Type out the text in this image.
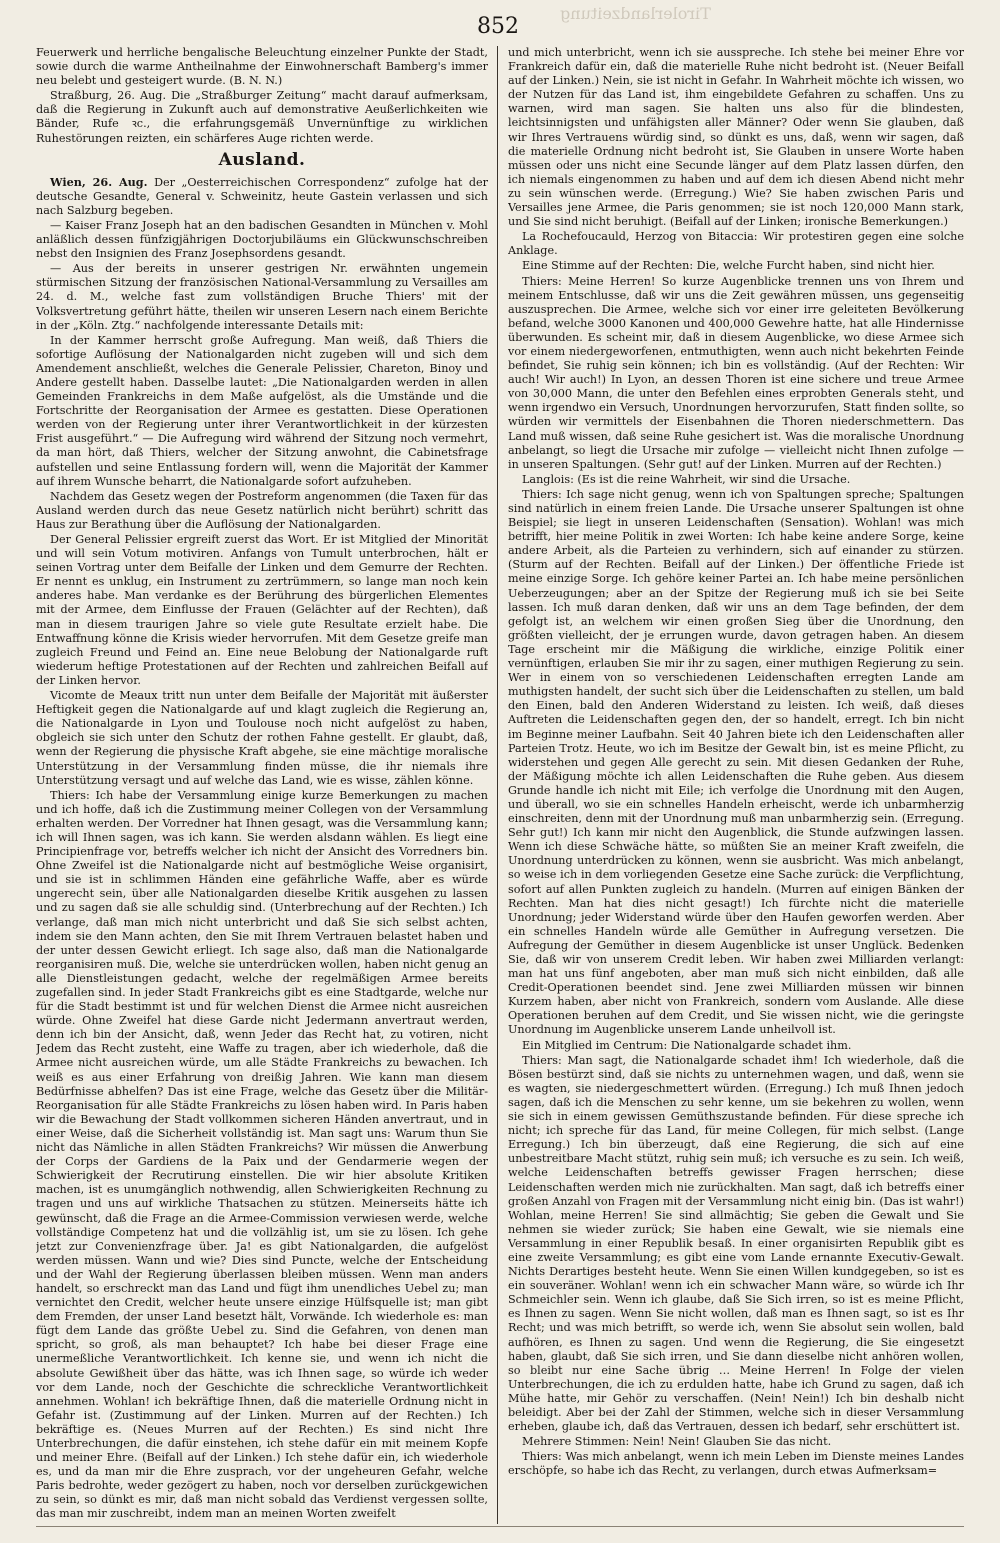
Tirolerlandzeitung
852

Feuerwerk und herrliche bengalische Beleuchtung einzelner Punkte der Stadt, sowie durch die warme Antheilnahme der Einwohnerschaft Bamberg's immer neu belebt und gesteigert wurde. (B. N. N.)

Straßburg, 26. Aug. Die „Straßburger Zeitung“ macht darauf aufmerksam, daß die Regierung in Zukunft auch auf demonstrative Aeußerlichkeiten wie Bänder, Rufe ꝛc., die erfahrungsgemäß Unvernünftige zu wirklichen Ruhestörungen reizten, ein schärferes Auge richten werde.

Ausland.

Wien, 26. Aug. Der „Oesterreichischen Correspondenz“ zufolge hat der deutsche Gesandte, General v. Schweinitz, heute Gastein verlassen und sich nach Salzburg begeben.

— Kaiser Franz Joseph hat an den badischen Gesandten in München v. Mohl anläßlich dessen fünfzigjährigen Doctorjubiläums ein Glückwunschschreiben nebst den Insignien des Franz Josephsordens gesandt.

— Aus der bereits in unserer gestrigen Nr. erwähnten ungemein stürmischen Sitzung der französischen National-Versammlung zu Versailles am 24. d. M., welche fast zum vollständigen Bruche Thiers' mit der Volksvertretung geführt hätte, theilen wir unseren Lesern nach einem Berichte in der „Köln. Ztg.“ nachfolgende interessante Details mit:

In der Kammer herrscht große Aufregung. Man weiß, daß Thiers die sofortige Auflösung der Nationalgarden nicht zugeben will und sich dem Amendement anschließt, welches die Generale Pelissier, Chareton, Binoy und Andere gestellt haben. Dasselbe lautet: „Die Nationalgarden werden in allen Gemeinden Frankreichs in dem Maße aufgelöst, als die Umstände und die Fortschritte der Reorganisation der Armee es gestatten. Diese Operationen werden von der Regierung unter ihrer Verantwortlichkeit in der kürzesten Frist ausgeführt.“ — Die Aufregung wird während der Sitzung noch vermehrt, da man hört, daß Thiers, welcher der Sitzung anwohnt, die Cabinetsfrage aufstellen und seine Entlassung fordern will, wenn die Majorität der Kammer auf ihrem Wunsche beharrt, die Nationalgarde sofort aufzuheben.

Nachdem das Gesetz wegen der Postreform angenommen (die Taxen für das Ausland werden durch das neue Gesetz natürlich nicht berührt) schritt das Haus zur Berathung über die Auflösung der Nationalgarden.

Der General Pelissier ergreift zuerst das Wort. Er ist Mitglied der Minorität und will sein Votum motiviren. Anfangs von Tumult unterbrochen, hält er seinen Vortrag unter dem Beifalle der Linken und dem Gemurre der Rechten. Er nennt es unklug, ein Instrument zu zertrümmern, so lange man noch kein anderes habe. Man verdanke es der Berührung des bürgerlichen Elementes mit der Armee, dem Einflusse der Frauen (Gelächter auf der Rechten), daß man in diesem traurigen Jahre so viele gute Resultate erzielt habe. Die Entwaffnung könne die Krisis wieder hervorrufen. Mit dem Gesetze greife man zugleich Freund und Feind an. Eine neue Belobung der Nationalgarde ruft wiederum heftige Protestationen auf der Rechten und zahlreichen Beifall auf der Linken hervor.

Vicomte de Meaux tritt nun unter dem Beifalle der Majorität mit äußerster Heftigkeit gegen die Nationalgarde auf und klagt zugleich die Regierung an, die Nationalgarde in Lyon und Toulouse noch nicht aufgelöst zu haben, obgleich sie sich unter den Schutz der rothen Fahne gestellt. Er glaubt, daß, wenn der Regierung die physische Kraft abgehe, sie eine mächtige moralische Unterstützung in der Versammlung finden müsse, die ihr niemals ihre Unterstützung versagt und auf welche das Land, wie es wisse, zählen könne.

Thiers: Ich habe der Versammlung einige kurze Bemerkungen zu machen und ich hoffe, daß ich die Zustimmung meiner Collegen von der Versammlung erhalten werden. Der Vorredner hat Ihnen gesagt, was die Versammlung kann; ich will Ihnen sagen, was ich kann. Sie werden alsdann wählen. Es liegt eine Principienfrage vor, betreffs welcher ich nicht der Ansicht des Vorredners bin. Ohne Zweifel ist die Nationalgarde nicht auf bestmögliche Weise organisirt, und sie ist in schlimmen Händen eine gefährliche Waffe, aber es würde ungerecht sein, über alle Nationalgarden dieselbe Kritik ausgehen zu lassen und zu sagen daß sie alle schuldig sind. (Unterbrechung auf der Rechten.) Ich verlange, daß man mich nicht unterbricht und daß Sie sich selbst achten, indem sie den Mann achten, den Sie mit Ihrem Vertrauen belastet haben und der unter dessen Gewicht erliegt. Ich sage also, daß man die Nationalgarde reorganisiren muß. Die, welche sie unterdrücken wollen, haben nicht genug an alle Dienstleistungen gedacht, welche der regelmäßigen Armee bereits zugefallen sind. In jeder Stadt Frankreichs gibt es eine Stadtgarde, welche nur für die Stadt bestimmt ist und für welchen Dienst die Armee nicht ausreichen würde. Ohne Zweifel hat diese Garde nicht Jedermann anvertraut werden, denn ich bin der Ansicht, daß, wenn Jeder das Recht hat, zu votiren, nicht Jedem das Recht zusteht, eine Waffe zu tragen, aber ich wiederhole, daß die Armee nicht ausreichen würde, um alle Städte Frankreichs zu bewachen. Ich weiß es aus einer Erfahrung von dreißig Jahren. Wie kann man diesem Bedürfnisse abhelfen? Das ist eine Frage, welche das Gesetz über die Militär-Reorganisation für alle Städte Frankreichs zu lösen haben wird. In Paris haben wir die Bewachung der Stadt vollkommen sicheren Händen anvertraut, und in einer Weise, daß die Sicherheit vollständig ist. Man sagt uns: Warum thun Sie nicht das Nämliche in allen Städten Frankreichs? Wir müssen die Anwerbung der Corps der Gardiens de la Paix und der Gendarmerie wegen der Schwierigkeit der Recrutirung einstellen. Die wir hier absolute Kritiken machen, ist es unumgänglich nothwendig, allen Schwierigkeiten Rechnung zu tragen und uns auf wirkliche Thatsachen zu stützen. Meinerseits hätte ich gewünscht, daß die Frage an die Armee-Commission verwiesen werde, welche vollständige Competenz hat und die vollzählig ist, um sie zu lösen. Ich gehe jetzt zur Convenienzfrage über. Ja! es gibt Nationalgarden, die aufgelöst werden müssen. Wann und wie? Dies sind Puncte, welche der Entscheidung und der Wahl der Regierung überlassen bleiben müssen. Wenn man anders handelt, so erschreckt man das Land und fügt ihm unendliches Uebel zu; man vernichtet den Credit, welcher heute unsere einzige Hülfsquelle ist; man gibt dem Fremden, der unser Land besetzt hält, Vorwände. Ich wiederhole es: man fügt dem Lande das größte Uebel zu. Sind die Gefahren, von denen man spricht, so groß, als man behauptet? Ich habe bei dieser Frage eine unermeßliche Verantwortlichkeit. Ich kenne sie, und wenn ich nicht die absolute Gewißheit über das hätte, was ich Ihnen sage, so würde ich weder vor dem Lande, noch der Geschichte die schreckliche Verantwortlichkeit annehmen. Wohlan! ich bekräftige Ihnen, daß die materielle Ordnung nicht in Gefahr ist. (Zustimmung auf der Linken. Murren auf der Rechten.) Ich bekräftige es. (Neues Murren auf der Rechten.) Es sind nicht Ihre Unterbrechungen, die dafür einstehen, ich stehe dafür ein mit meinem Kopfe und meiner Ehre. (Beifall auf der Linken.) Ich stehe dafür ein, ich wiederhole es, und da man mir die Ehre zusprach, vor der ungeheuren Gefahr, welche Paris bedrohte, weder gezögert zu haben, noch vor derselben zurückgewichen zu sein, so dünkt es mir, daß man nicht sobald das Verdienst vergessen sollte, das man mir zuschreibt, indem man an meinen Worten zweifelt

und mich unterbricht, wenn ich sie ausspreche. Ich stehe bei meiner Ehre vor Frankreich dafür ein, daß die materielle Ruhe nicht bedroht ist. (Neuer Beifall auf der Linken.) Nein, sie ist nicht in Gefahr. In Wahrheit möchte ich wissen, wo der Nutzen für das Land ist, ihm eingebildete Gefahren zu schaffen. Uns zu warnen, wird man sagen. Sie halten uns also für die blindesten, leichtsinnigsten und unfähigsten aller Männer? Oder wenn Sie glauben, daß wir Ihres Vertrauens würdig sind, so dünkt es uns, daß, wenn wir sagen, daß die materielle Ordnung nicht bedroht ist, Sie Glauben in unsere Worte haben müssen oder uns nicht eine Secunde länger auf dem Platz lassen dürfen, den ich niemals eingenommen zu haben und auf dem ich diesen Abend nicht mehr zu sein wünschen werde. (Erregung.) Wie? Sie haben zwischen Paris und Versailles jene Armee, die Paris genommen; sie ist noch 120,000 Mann stark, und Sie sind nicht beruhigt. (Beifall auf der Linken; ironische Bemerkungen.)

La Rochefoucauld, Herzog von Bitaccia: Wir protestiren gegen eine solche Anklage.

Eine Stimme auf der Rechten: Die, welche Furcht haben, sind nicht hier.

Thiers: Meine Herren! So kurze Augenblicke trennen uns von Ihrem und meinem Entschlusse, daß wir uns die Zeit gewähren müssen, uns gegenseitig auszusprechen. Die Armee, welche sich vor einer irre geleiteten Bevölkerung befand, welche 3000 Kanonen und 400,000 Gewehre hatte, hat alle Hindernisse überwunden. Es scheint mir, daß in diesem Augenblicke, wo diese Armee sich vor einem niedergeworfenen, entmuthigten, wenn auch nicht bekehrten Feinde befindet, Sie ruhig sein können; ich bin es vollständig. (Auf der Rechten: Wir auch! Wir auch!) In Lyon, an dessen Thoren ist eine sichere und treue Armee von 30,000 Mann, die unter den Befehlen eines erprobten Generals steht, und wenn irgendwo ein Versuch, Unordnungen hervorzurufen, Statt finden sollte, so würden wir vermittels der Eisenbahnen die Thoren niederschmettern. Das Land muß wissen, daß seine Ruhe gesichert ist. Was die moralische Unordnung anbelangt, so liegt die Ursache mir zufolge — vielleicht nicht Ihnen zufolge — in unseren Spaltungen. (Sehr gut! auf der Linken. Murren auf der Rechten.)

Langlois: (Es ist die reine Wahrheit, wir sind die Ursache.

Thiers: Ich sage nicht genug, wenn ich von Spaltungen spreche; Spaltungen sind natürlich in einem freien Lande. Die Ursache unserer Spaltungen ist ohne Beispiel; sie liegt in unseren Leidenschaften (Sensation). Wohlan! was mich betrifft, hier meine Politik in zwei Worten: Ich habe keine andere Sorge, keine andere Arbeit, als die Parteien zu verhindern, sich auf einander zu stürzen. (Sturm auf der Rechten. Beifall auf der Linken.) Der öffentliche Friede ist meine einzige Sorge. Ich gehöre keiner Partei an. Ich habe meine persönlichen Ueberzeugungen; aber an der Spitze der Regierung muß ich sie bei Seite lassen. Ich muß daran denken, daß wir uns an dem Tage befinden, der dem gefolgt ist, an welchem wir einen großen Sieg über die Unordnung, den größten vielleicht, der je errungen wurde, davon getragen haben. An diesem Tage erscheint mir die Mäßigung die wirkliche, einzige Politik einer vernünftigen, erlauben Sie mir ihr zu sagen, einer muthigen Regierung zu sein. Wer in einem von so verschiedenen Leidenschaften erregten Lande am muthigsten handelt, der sucht sich über die Leidenschaften zu stellen, um bald den Einen, bald den Anderen Widerstand zu leisten. Ich weiß, daß dieses Auftreten die Leidenschaften gegen den, der so handelt, erregt. Ich bin nicht im Beginne meiner Laufbahn. Seit 40 Jahren biete ich den Leidenschaften aller Parteien Trotz. Heute, wo ich im Besitze der Gewalt bin, ist es meine Pflicht, zu widerstehen und gegen Alle gerecht zu sein. Mit diesen Gedanken der Ruhe, der Mäßigung möchte ich allen Leidenschaften die Ruhe geben. Aus diesem Grunde handle ich nicht mit Eile; ich verfolge die Unordnung mit den Augen, und überall, wo sie ein schnelles Handeln erheischt, werde ich unbarmherzig einschreiten, denn mit der Unordnung muß man unbarmherzig sein. (Erregung. Sehr gut!) Ich kann mir nicht den Augenblick, die Stunde aufzwingen lassen. Wenn ich diese Schwäche hätte, so müßten Sie an meiner Kraft zweifeln, die Unordnung unterdrücken zu können, wenn sie ausbricht. Was mich anbelangt, so weise ich in dem vorliegenden Gesetze eine Sache zurück: die Verpflichtung, sofort auf allen Punkten zugleich zu handeln. (Murren auf einigen Bänken der Rechten. Man hat dies nicht gesagt!) Ich fürchte nicht die materielle Unordnung; jeder Widerstand würde über den Haufen geworfen werden. Aber ein schnelles Handeln würde alle Gemüther in Aufregung versetzen. Die Aufregung der Gemüther in diesem Augenblicke ist unser Unglück. Bedenken Sie, daß wir von unserem Credit leben. Wir haben zwei Milliarden verlangt: man hat uns fünf angeboten, aber man muß sich nicht einbilden, daß alle Credit-Operationen beendet sind. Jene zwei Milliarden müssen wir binnen Kurzem haben, aber nicht von Frankreich, sondern vom Auslande. Alle diese Operationen beruhen auf dem Credit, und Sie wissen nicht, wie die geringste Unordnung im Augenblicke unserem Lande unheilvoll ist.

Ein Mitglied im Centrum: Die Nationalgarde schadet ihm.

Thiers: Man sagt, die Nationalgarde schadet ihm! Ich wiederhole, daß die Bösen bestürzt sind, daß sie nichts zu unternehmen wagen, und daß, wenn sie es wagten, sie niedergeschmettert würden. (Erregung.) Ich muß Ihnen jedoch sagen, daß ich die Menschen zu sehr kenne, um sie bekehren zu wollen, wenn sie sich in einem gewissen Gemüthszustande befinden. Für diese spreche ich nicht; ich spreche für das Land, für meine Collegen, für mich selbst. (Lange Erregung.) Ich bin überzeugt, daß eine Regierung, die sich auf eine unbestreitbare Macht stützt, ruhig sein muß; ich versuche es zu sein. Ich weiß, welche Leidenschaften betreffs gewisser Fragen herrschen; diese Leidenschaften werden mich nie zurückhalten. Man sagt, daß ich betreffs einer großen Anzahl von Fragen mit der Versammlung nicht einig bin. (Das ist wahr!) Wohlan, meine Herren! Sie sind allmächtig; Sie geben die Gewalt und Sie nehmen sie wieder zurück; Sie haben eine Gewalt, wie sie niemals eine Versammlung in einer Republik besaß. In einer organisirten Republik gibt es eine zweite Versammlung; es gibt eine vom Lande ernannte Executiv-Gewalt. Nichts Derartiges besteht heute. Wenn Sie einen Willen kundgegeben, so ist es ein souveräner. Wohlan! wenn ich ein schwacher Mann wäre, so würde ich Ihr Schmeichler sein. Wenn ich glaube, daß Sie Sich irren, so ist es meine Pflicht, es Ihnen zu sagen. Wenn Sie nicht wollen, daß man es Ihnen sagt, so ist es Ihr Recht; und was mich betrifft, so werde ich, wenn Sie absolut sein wollen, bald aufhören, es Ihnen zu sagen. Und wenn die Regierung, die Sie eingesetzt haben, glaubt, daß Sie sich irren, und Sie dann dieselbe nicht anhören wollen, so bleibt nur eine Sache übrig … Meine Herren! In Folge der vielen Unterbrechungen, die ich zu erdulden hatte, habe ich Grund zu sagen, daß ich Mühe hatte, mir Gehör zu verschaffen. (Nein! Nein!) Ich bin deshalb nicht beleidigt. Aber bei der Zahl der Stimmen, welche sich in dieser Versammlung erheben, glaube ich, daß das Vertrauen, dessen ich bedarf, sehr erschüttert ist.

Mehrere Stimmen: Nein! Nein! Glauben Sie das nicht.

Thiers: Was mich anbelangt, wenn ich mein Leben im Dienste meines Landes erschöpfe, so habe ich das Recht, zu verlangen, durch etwas Aufmerksam=
